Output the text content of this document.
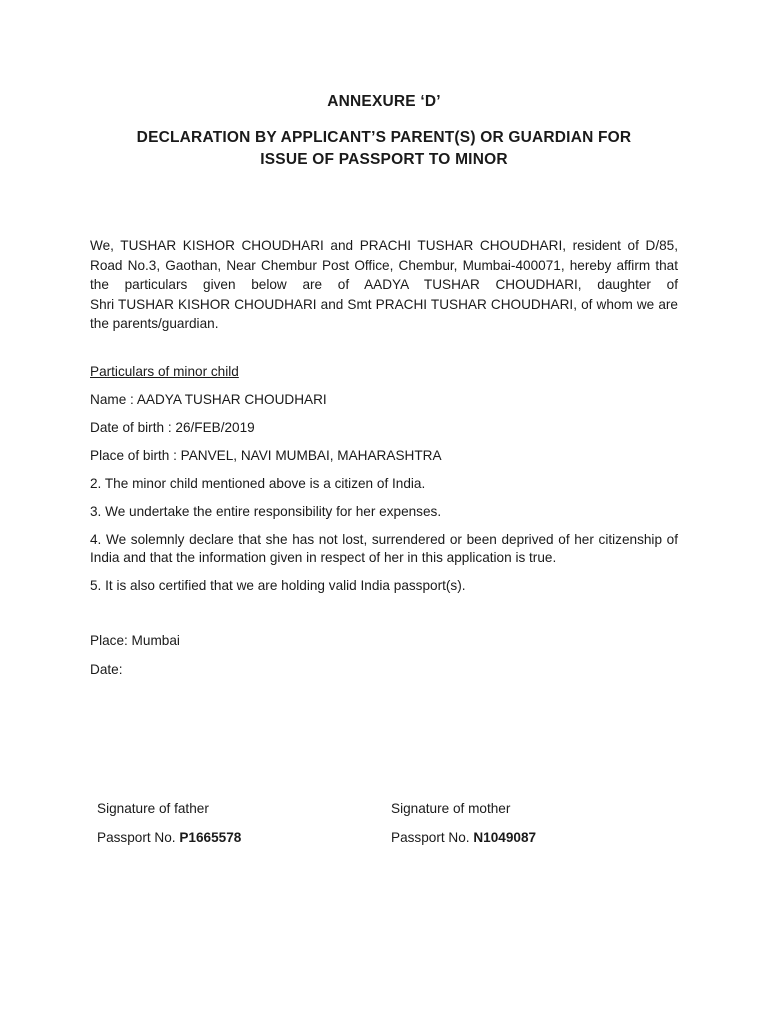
ANNEXURE ‘D’
DECLARATION BY APPLICANT’S PARENT(S) OR GUARDIAN FOR
ISSUE OF PASSPORT TO MINOR
We, TUSHAR KISHOR CHOUDHARI and PRACHI TUSHAR CHOUDHARI, resident of D/85,
Road No.3, Gaothan, Near Chembur Post Office, Chembur, Mumbai-400071, hereby affirm that
the particulars given below are of AADYA TUSHAR CHOUDHARI, daughter of
Shri TUSHAR KISHOR CHOUDHARI and Smt PRACHI TUSHAR CHOUDHARI, of whom we are
the parents/guardian.
Particulars of minor child
Name : AADYA TUSHAR CHOUDHARI
Date of birth : 26/FEB/2019
Place of birth : PANVEL, NAVI MUMBAI, MAHARASHTRA
2. The minor child mentioned above is a citizen of India.
3. We undertake the entire responsibility for her expenses.
4. We solemnly declare that she has not lost, surrendered or been deprived of her citizenship of India and that the information given in respect of her in this application is true.
5. It is also certified that we are holding valid India passport(s).
Place: Mumbai
Date:
Signature of father
Passport No. P1665578
Signature of mother
Passport No. N1049087
